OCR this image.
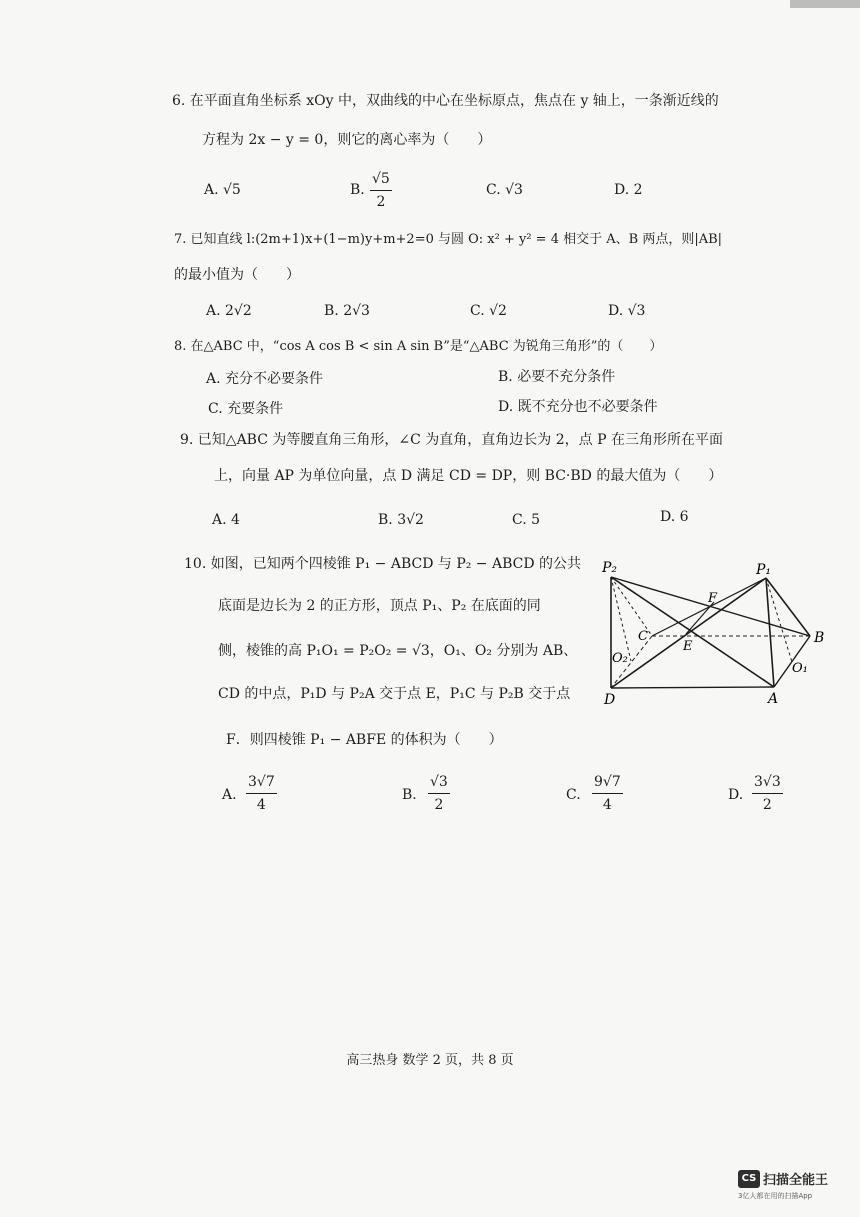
6. 在平面直角坐标系 xOy 中，双曲线的中心在坐标原点，焦点在 y 轴上，一条渐近线的
方程为 2x − y = 0，则它的离心率为（　　）
A. √5	B. $\frac{√5}{2}$	C. √3	D. 2
7. 已知直线 l:(2m+1)x+(1−m)y+m+2=0 与圆 O: x² + y² = 4 相交于 A、B 两点，则|AB|
的最小值为（　　）
A. 2√2	B. 2√3	C. √2	D. √3
8. 在△ABC 中，“cos A cos B < sin A sin B”是“△ABC 为锐角三角形”的（　　）
A. 充分不必要条件	B. 必要不充分条件
C. 充要条件	D. 既不充分也不必要条件
9. 已知△ABC 为等腰直角三角形，∠C 为直角，直角边长为 2，点 P 在三角形所在平面
上，向量 AP 为单位向量，点 D 满足 CD = DP，则 BC·BD 的最大值为（　　）
A. 4	B. 3√2	C. 5	D. 6
10. 如图，已知两个四棱锥 P₁ − ABCD 与 P₂ − ABCD 的公共
底面是边长为 2 的正方形，顶点 P₁、P₂ 在底面的同
侧，棱锥的高 P₁O₁ = P₂O₂ = √3，O₁、O₂ 分别为 AB、
CD 的中点，P₁D 与 P₂A 交于点 E，P₁C 与 P₂B 交于点
F．则四棱锥 P₁ − ABFE 的体积为（　　）
P₂	P₁
F
C
E
B
O₂
O₁
D	A
A. $\frac{3√7}{4}$	B. $\frac{√3}{2}$	C. $\frac{9√7}{4}$	D. $\frac{3√3}{2}$
高三热身 数学 2 页，共 8 页
CS 扫描全能王
3亿人都在用的扫描App
